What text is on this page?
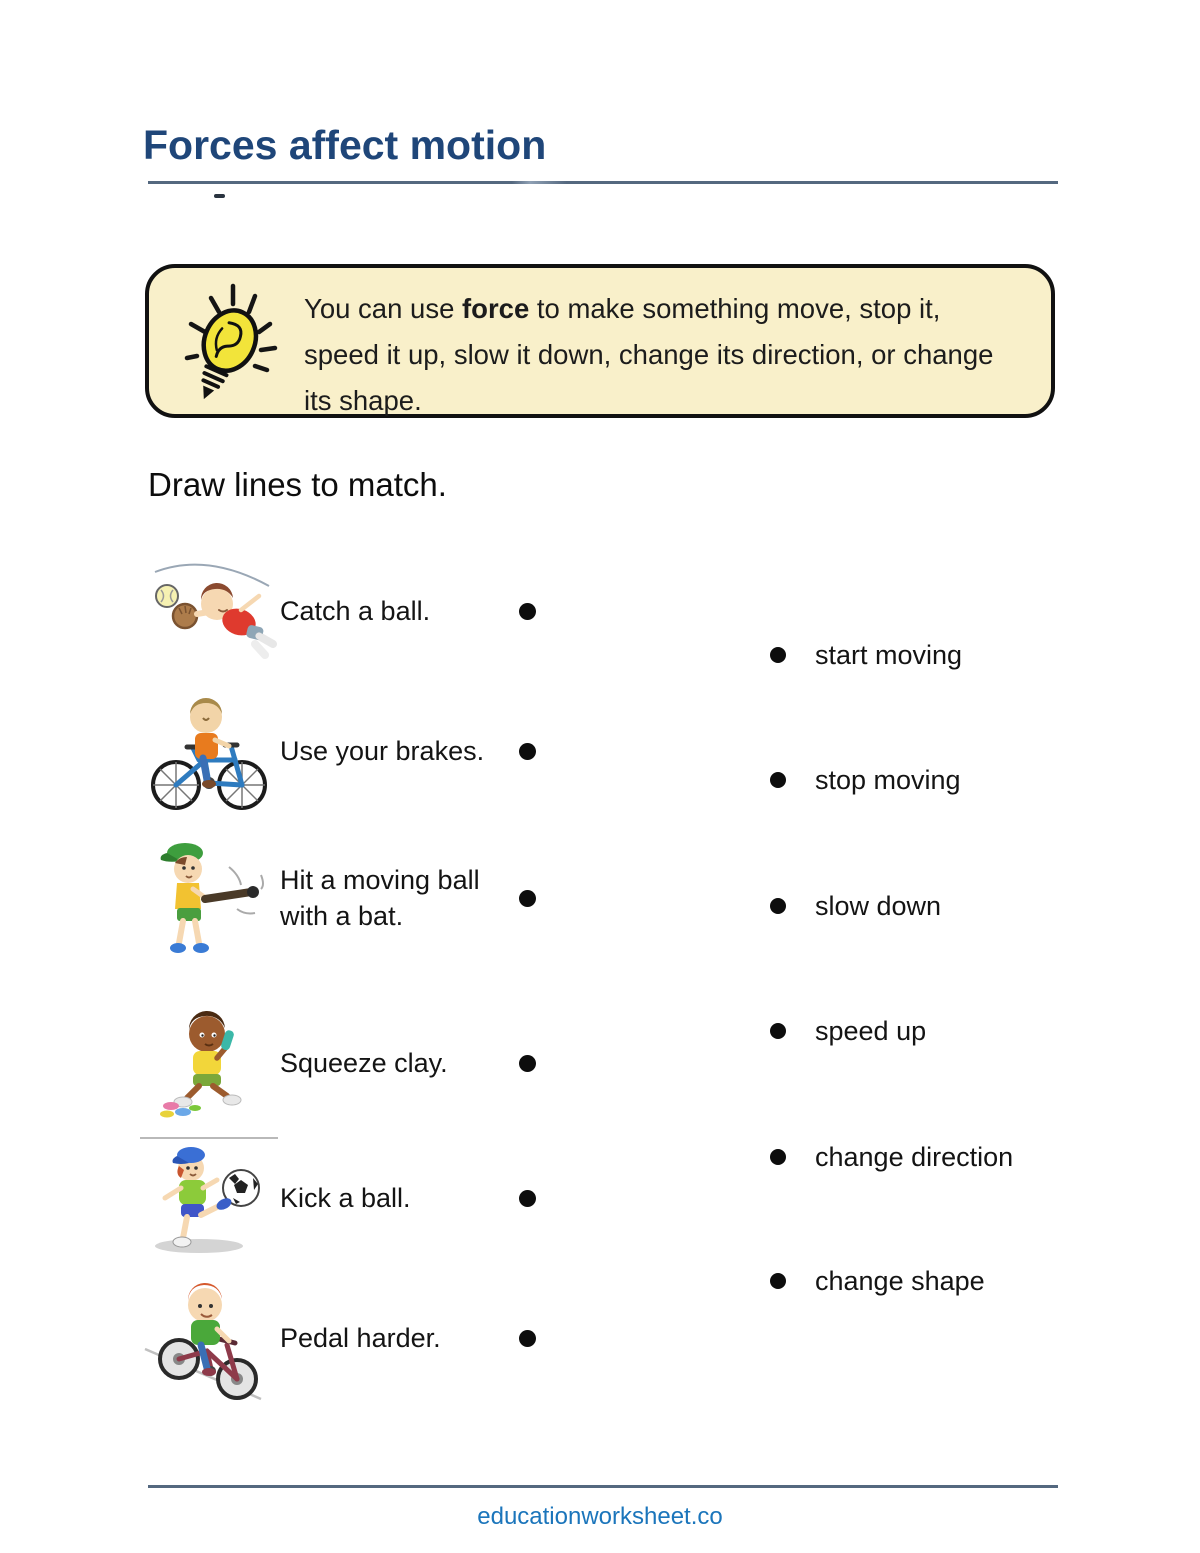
Forces affect motion

You can use force to make something move, stop it, speed it up, slow it down, change its direction, or change its shape.

Draw lines to match.
Catch a ball.
Use your brakes.
Hit a moving ball with a bat.
Squeeze clay.
Kick a ball.
Pedal harder.
start moving
stop moving
slow down
speed up
change direction
change shape
educationworksheet.co
